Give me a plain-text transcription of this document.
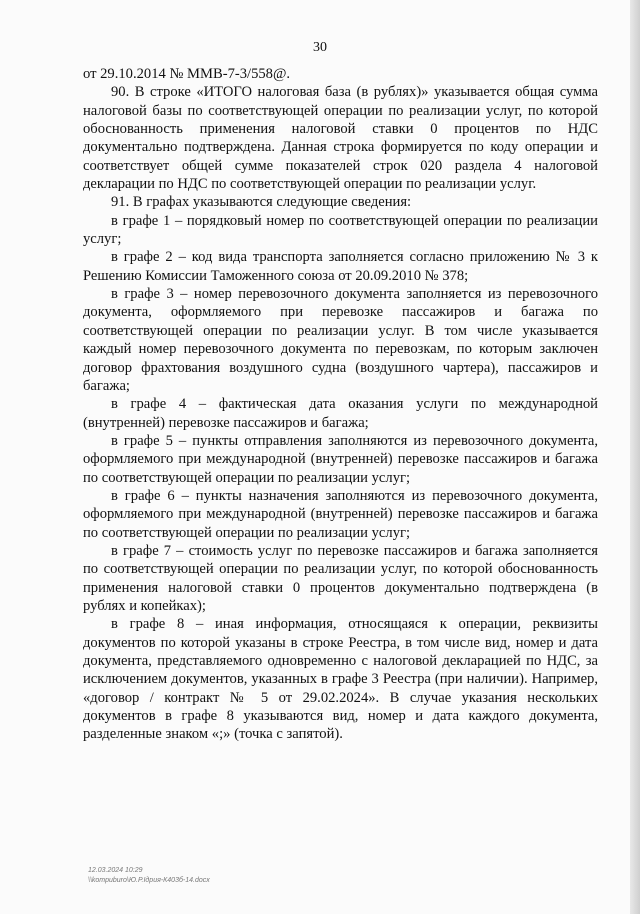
30

от 29.10.2014 № ММВ-7-3/558@.

90. В строке «ИТОГО налоговая база (в рублях)» указывается общая сумма налоговой базы по соответствующей операции по реализации услуг, по которой обоснованность применения налоговой ставки 0 процентов по НДС документально подтверждена. Данная строка формируется по коду операции и соответствует общей сумме показателей строк 020 раздела 4 налоговой декларации по НДС по соответствующей операции по реализации услуг.

91. В графах указываются следующие сведения:

в графе 1 – порядковый номер по соответствующей операции по реализации услуг;

в графе 2 – код вида транспорта заполняется согласно приложению № 3 к Решению Комиссии Таможенного союза от 20.09.2010 № 378;

в графе 3 – номер перевозочного документа заполняется из перевозочного документа, оформляемого при перевозке пассажиров и багажа по соответствующей операции по реализации услуг. В том числе указывается каждый номер перевозочного документа по перевозкам, по которым заключен договор фрахтования воздушного судна (воздушного чартера), пассажиров и багажа;

в графе 4 – фактическая дата оказания услуги по международной (внутренней) перевозке пассажиров и багажа;

в графе 5 – пункты отправления заполняются из перевозочного документа, оформляемого при международной (внутренней) перевозке пассажиров и багажа по соответствующей операции по реализации услуг;

в графе 6 – пункты назначения заполняются из перевозочного документа, оформляемого при международной (внутренней) перевозке пассажиров и багажа по соответствующей операции по реализации услуг;

в графе 7 – стоимость услуг по перевозке пассажиров и багажа заполняется по соответствующей операции по реализации услуг, по которой обоснованность применения налоговой ставки 0 процентов документально подтверждена (в рублях и копейках);

в графе 8 – иная информация, относящаяся к операции, реквизиты документов по которой указаны в строке Реестра, в том числе вид, номер и дата документа, представляемого одновременно с налоговой декларацией по НДС, за исключением документов, указанных в графе 3 Реестра (при наличии). Например, «договор / контракт № 5 от 29.02.2024». В случае указания нескольких документов в графе 8 указываются вид, номер и дата каждого документа, разделенные знаком «;» (точка с запятой).

12.03.2024 10:29
\\kompuburo\Ю.Р.Ідрия-К403б-14.docx
